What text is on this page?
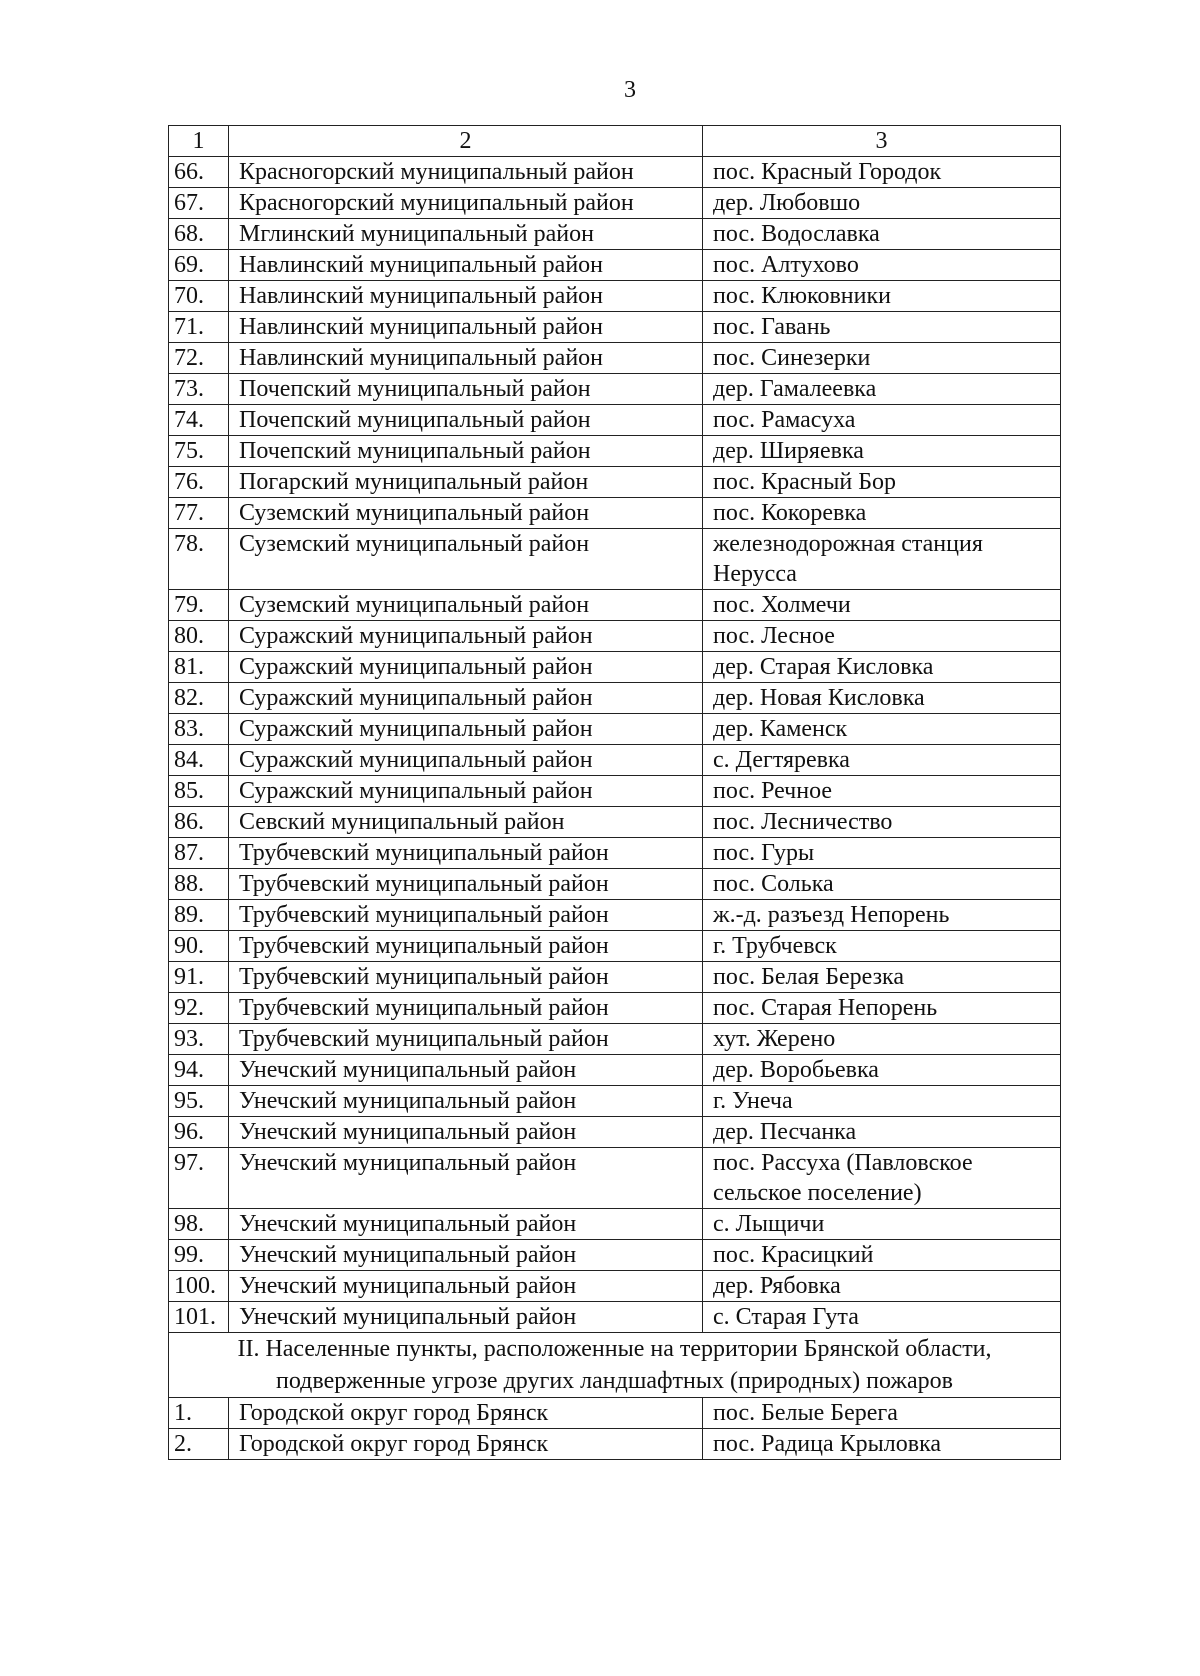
3
1	2	3
66.	Красногорский муниципальный район	пос. Красный Городок
67.	Красногорский муниципальный район	дер. Любовшо
68.	Мглинский муниципальный район	пос. Водославка
69.	Навлинский муниципальный район	пос. Алтухово
70.	Навлинский муниципальный район	пос. Клюковники
71.	Навлинский муниципальный район	пос. Гавань
72.	Навлинский муниципальный район	пос. Синезерки
73.	Почепский муниципальный район	дер. Гамалеевка
74.	Почепский муниципальный район	пос. Рамасуха
75.	Почепский муниципальный район	дер. Ширяевка
76.	Погарский муниципальный район	пос. Красный Бор
77.	Суземский муниципальный район	пос. Кокоревка
78.	Суземский муниципальный район	железнодорожная станция Нерусса
79.	Суземский муниципальный район	пос. Холмечи
80.	Суражский муниципальный район	пос. Лесное
81.	Суражский муниципальный район	дер. Старая Кисловка
82.	Суражский муниципальный район	дер. Новая Кисловка
83.	Суражский муниципальный район	дер. Каменск
84.	Суражский муниципальный район	с. Дегтяревка
85.	Суражский муниципальный район	пос. Речное
86.	Севский муниципальный район	пос. Лесничество
87.	Трубчевский муниципальный район	пос. Гуры
88.	Трубчевский муниципальный район	пос. Солька
89.	Трубчевский муниципальный район	ж.-д. разъезд Непорень
90.	Трубчевский муниципальный район	г. Трубчевск
91.	Трубчевский муниципальный район	пос. Белая Березка
92.	Трубчевский муниципальный район	пос. Старая Непорень
93.	Трубчевский муниципальный район	хут. Жерено
94.	Унечский муниципальный район	дер. Воробьевка
95.	Унечский муниципальный район	г. Унеча
96.	Унечский муниципальный район	дер. Песчанка
97.	Унечский муниципальный район	пос. Рассуха (Павловское сельское поселение)
98.	Унечский муниципальный район	с. Лыщичи
99.	Унечский муниципальный район	пос. Красицкий
100.	Унечский муниципальный район	дер. Рябовка
101.	Унечский муниципальный район	с. Старая Гута
II. Населенные пункты, расположенные на территории Брянской области, подверженные угрозе других ландшафтных (природных) пожаров		
1.	Городской округ город Брянск	пос. Белые Берега
2.	Городской округ город Брянск	пос. Радица Крыловка
